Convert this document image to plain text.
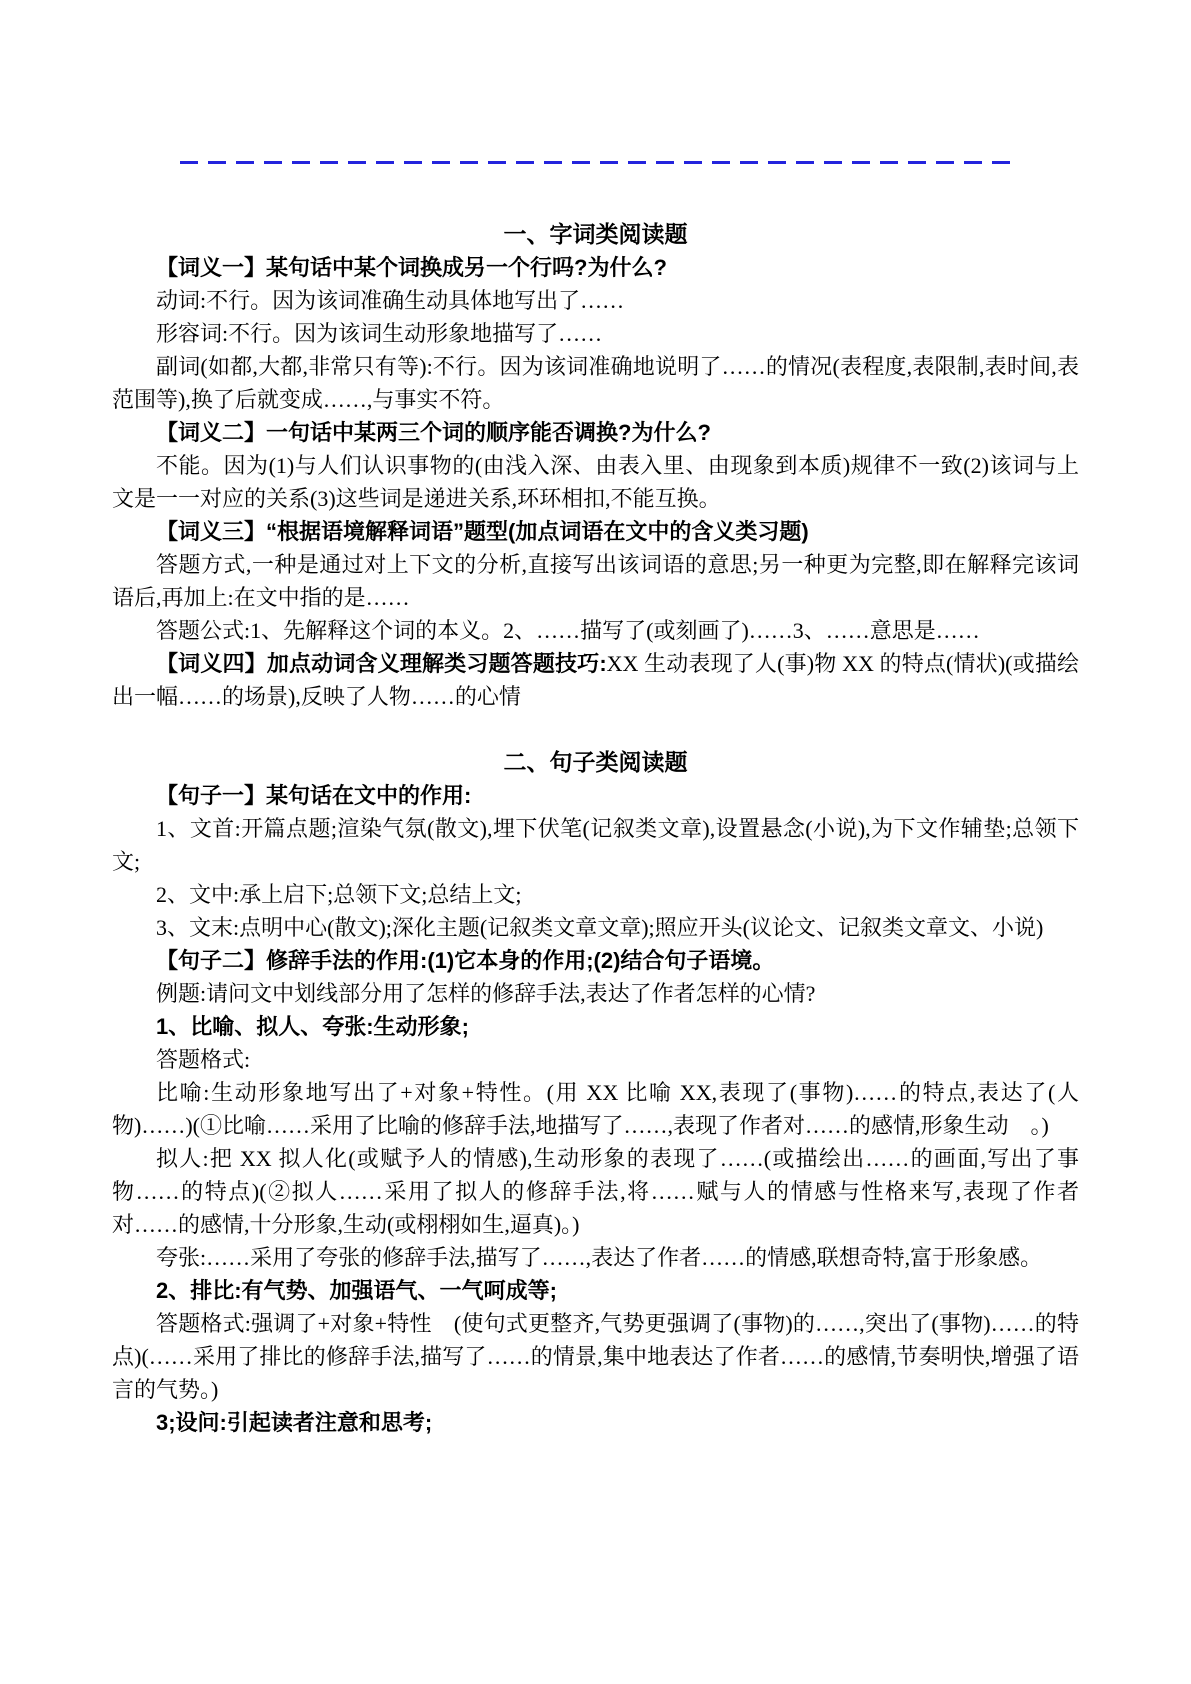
一、字词类阅读题

【词义一】某句话中某个词换成另一个行吗?为什么?

动词:不行。因为该词准确生动具体地写出了……

形容词:不行。因为该词生动形象地描写了……

副词(如都,大都,非常只有等):不行。因为该词准确地说明了……的情况(表程度,表限制,表时间,表范围等),换了后就变成……,与事实不符。

【词义二】一句话中某两三个词的顺序能否调换?为什么?

不能。因为(1)与人们认识事物的(由浅入深、由表入里、由现象到本质)规律不一致(2)该词与上文是一一对应的关系(3)这些词是递进关系,环环相扣,不能互换。

【词义三】“根据语境解释词语”题型(加点词语在文中的含义类习题)

答题方式,一种是通过对上下文的分析,直接写出该词语的意思;另一种更为完整,即在解释完该词语后,再加上:在文中指的是……

答题公式:1、先解释这个词的本义。2、……描写了(或刻画了)……3、……意思是……

【词义四】加点动词含义理解类习题答题技巧:XX 生动表现了人(事)物 XX 的特点(情状)(或描绘出一幅……的场景),反映了人物……的心情

二、句子类阅读题

【句子一】某句话在文中的作用:

1、文首:开篇点题;渲染气氛(散文),埋下伏笔(记叙类文章),设置悬念(小说),为下文作辅垫;总领下文;

2、文中:承上启下;总领下文;总结上文;

3、文末:点明中心(散文);深化主题(记叙类文章文章);照应开头(议论文、记叙类文章文、小说)

【句子二】修辞手法的作用:(1)它本身的作用;(2)结合句子语境。

例题:请问文中划线部分用了怎样的修辞手法,表达了作者怎样的心情?

1、比喻、拟人、夸张:生动形象;

答题格式:

比喻:生动形象地写出了+对象+特性。(用 XX 比喻 XX,表现了(事物)……的特点,表达了(人物)……)(①比喻……采用了比喻的修辞手法,地描写了……,表现了作者对……的感情,形象生动　。)

拟人:把 XX 拟人化(或赋予人的情感),生动形象的表现了……(或描绘出……的画面,写出了事物……的特点)(②拟人……采用了拟人的修辞手法,将……赋与人的情感与性格来写,表现了作者对……的感情,十分形象,生动(或栩栩如生,逼真)。)

夸张:……采用了夸张的修辞手法,描写了……,表达了作者……的情感,联想奇特,富于形象感。

2、排比:有气势、加强语气、一气呵成等;

答题格式:强调了+对象+特性　(使句式更整齐,气势更强调了(事物)的……,突出了(事物)……的特点)(……采用了排比的修辞手法,描写了……的情景,集中地表达了作者……的感情,节奏明快,增强了语言的气势。)

3;设问:引起读者注意和思考;
